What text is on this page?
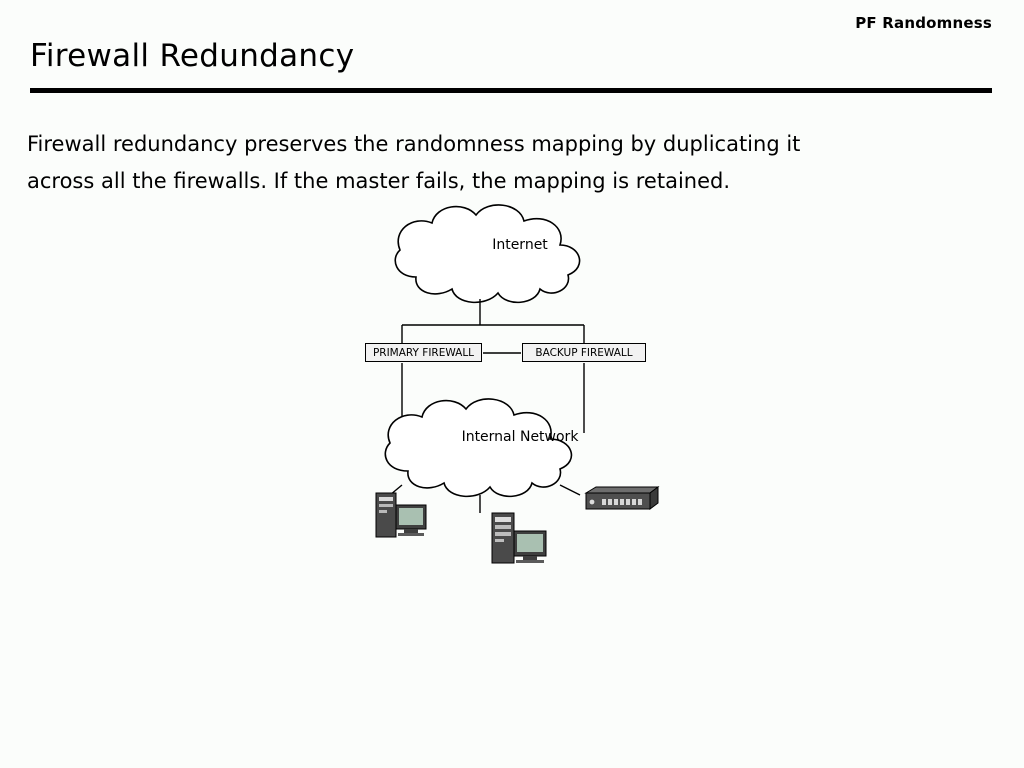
PF Randomness
Firewall Redundancy
Firewall redundancy preserves the randomness mapping by duplicating it
across all the firewalls. If the master fails, the mapping is retained.
Internet
Internal Network
PRIMARY FIREWALL	BACKUP FIREWALL
